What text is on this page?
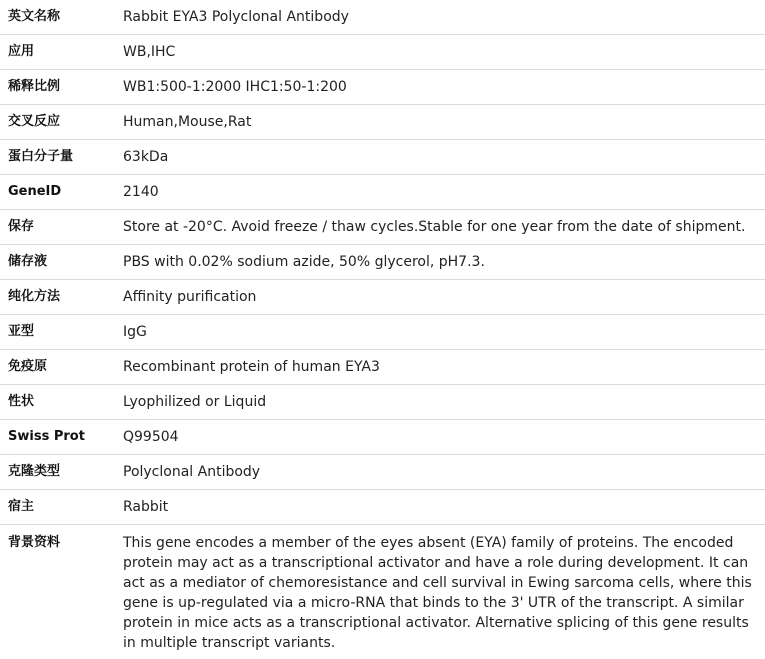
英文名称	Rabbit EYA3 Polyclonal Antibody
应用	WB,IHC
稀释比例	WB1:500-1:2000 IHC1:50-1:200
交叉反应	Human,Mouse,Rat
蛋白分子量	63kDa
GeneID	2140
保存	Store at -20°C. Avoid freeze / thaw cycles.Stable for one year from the date of shipment.
储存液	PBS with 0.02% sodium azide, 50% glycerol, pH7.3.
纯化方法	Affinity purification
亚型	IgG
免疫原	Recombinant protein of human EYA3
性状	Lyophilized or Liquid
Swiss Prot	Q99504
克隆类型	Polyclonal Antibody
宿主	Rabbit
背景资料	This gene encodes a member of the eyes absent (EYA) family of proteins. The encoded protein may act as a transcriptional activator and have a role during development. It can act as a mediator of chemoresistance and cell survival in Ewing sarcoma cells, where this gene is up-regulated via a micro-RNA that binds to the 3' UTR of the transcript. A similar protein in mice acts as a transcriptional activator. Alternative splicing of this gene results in multiple transcript variants.
